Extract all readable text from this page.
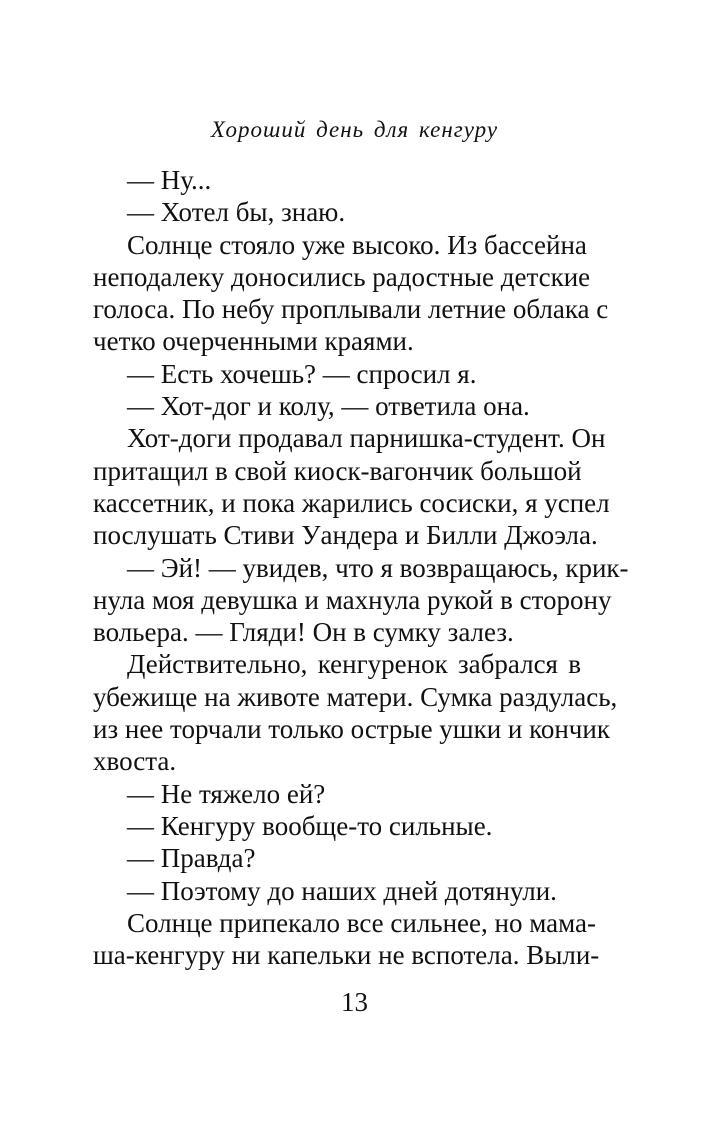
Хороший день для кенгуру
— Ну...
— Хотел бы, знаю.
Солнце стояло уже высоко. Из бассейна
неподалеку доносились радостные детские
голоса. По небу проплывали летние облака с
четко очерченными краями.
— Есть хочешь? — спросил я.
— Хот-дог и колу, — ответила она.
Хот-доги продавал парнишка-студент. Он
притащил в свой киоск-вагончик большой
кассетник, и пока жарились сосиски, я успел
послушать Стиви Уандера и Билли Джоэла.
— Эй! — увидев, что я возвращаюсь, крик-
нула моя девушка и махнула рукой в сторону
вольера. — Гляди! Он в сумку залез.
Действительно, кенгуренок забрался в
убежище на животе матери. Сумка раздулась,
из нее торчали только острые ушки и кончик
хвоста.
— Не тяжело ей?
— Кенгуру вообще-то сильные.
— Правда?
— Поэтому до наших дней дотянули.
Солнце припекало все сильнее, но мама-
ша-кенгуру ни капельки не вспотела. Выли-
13
